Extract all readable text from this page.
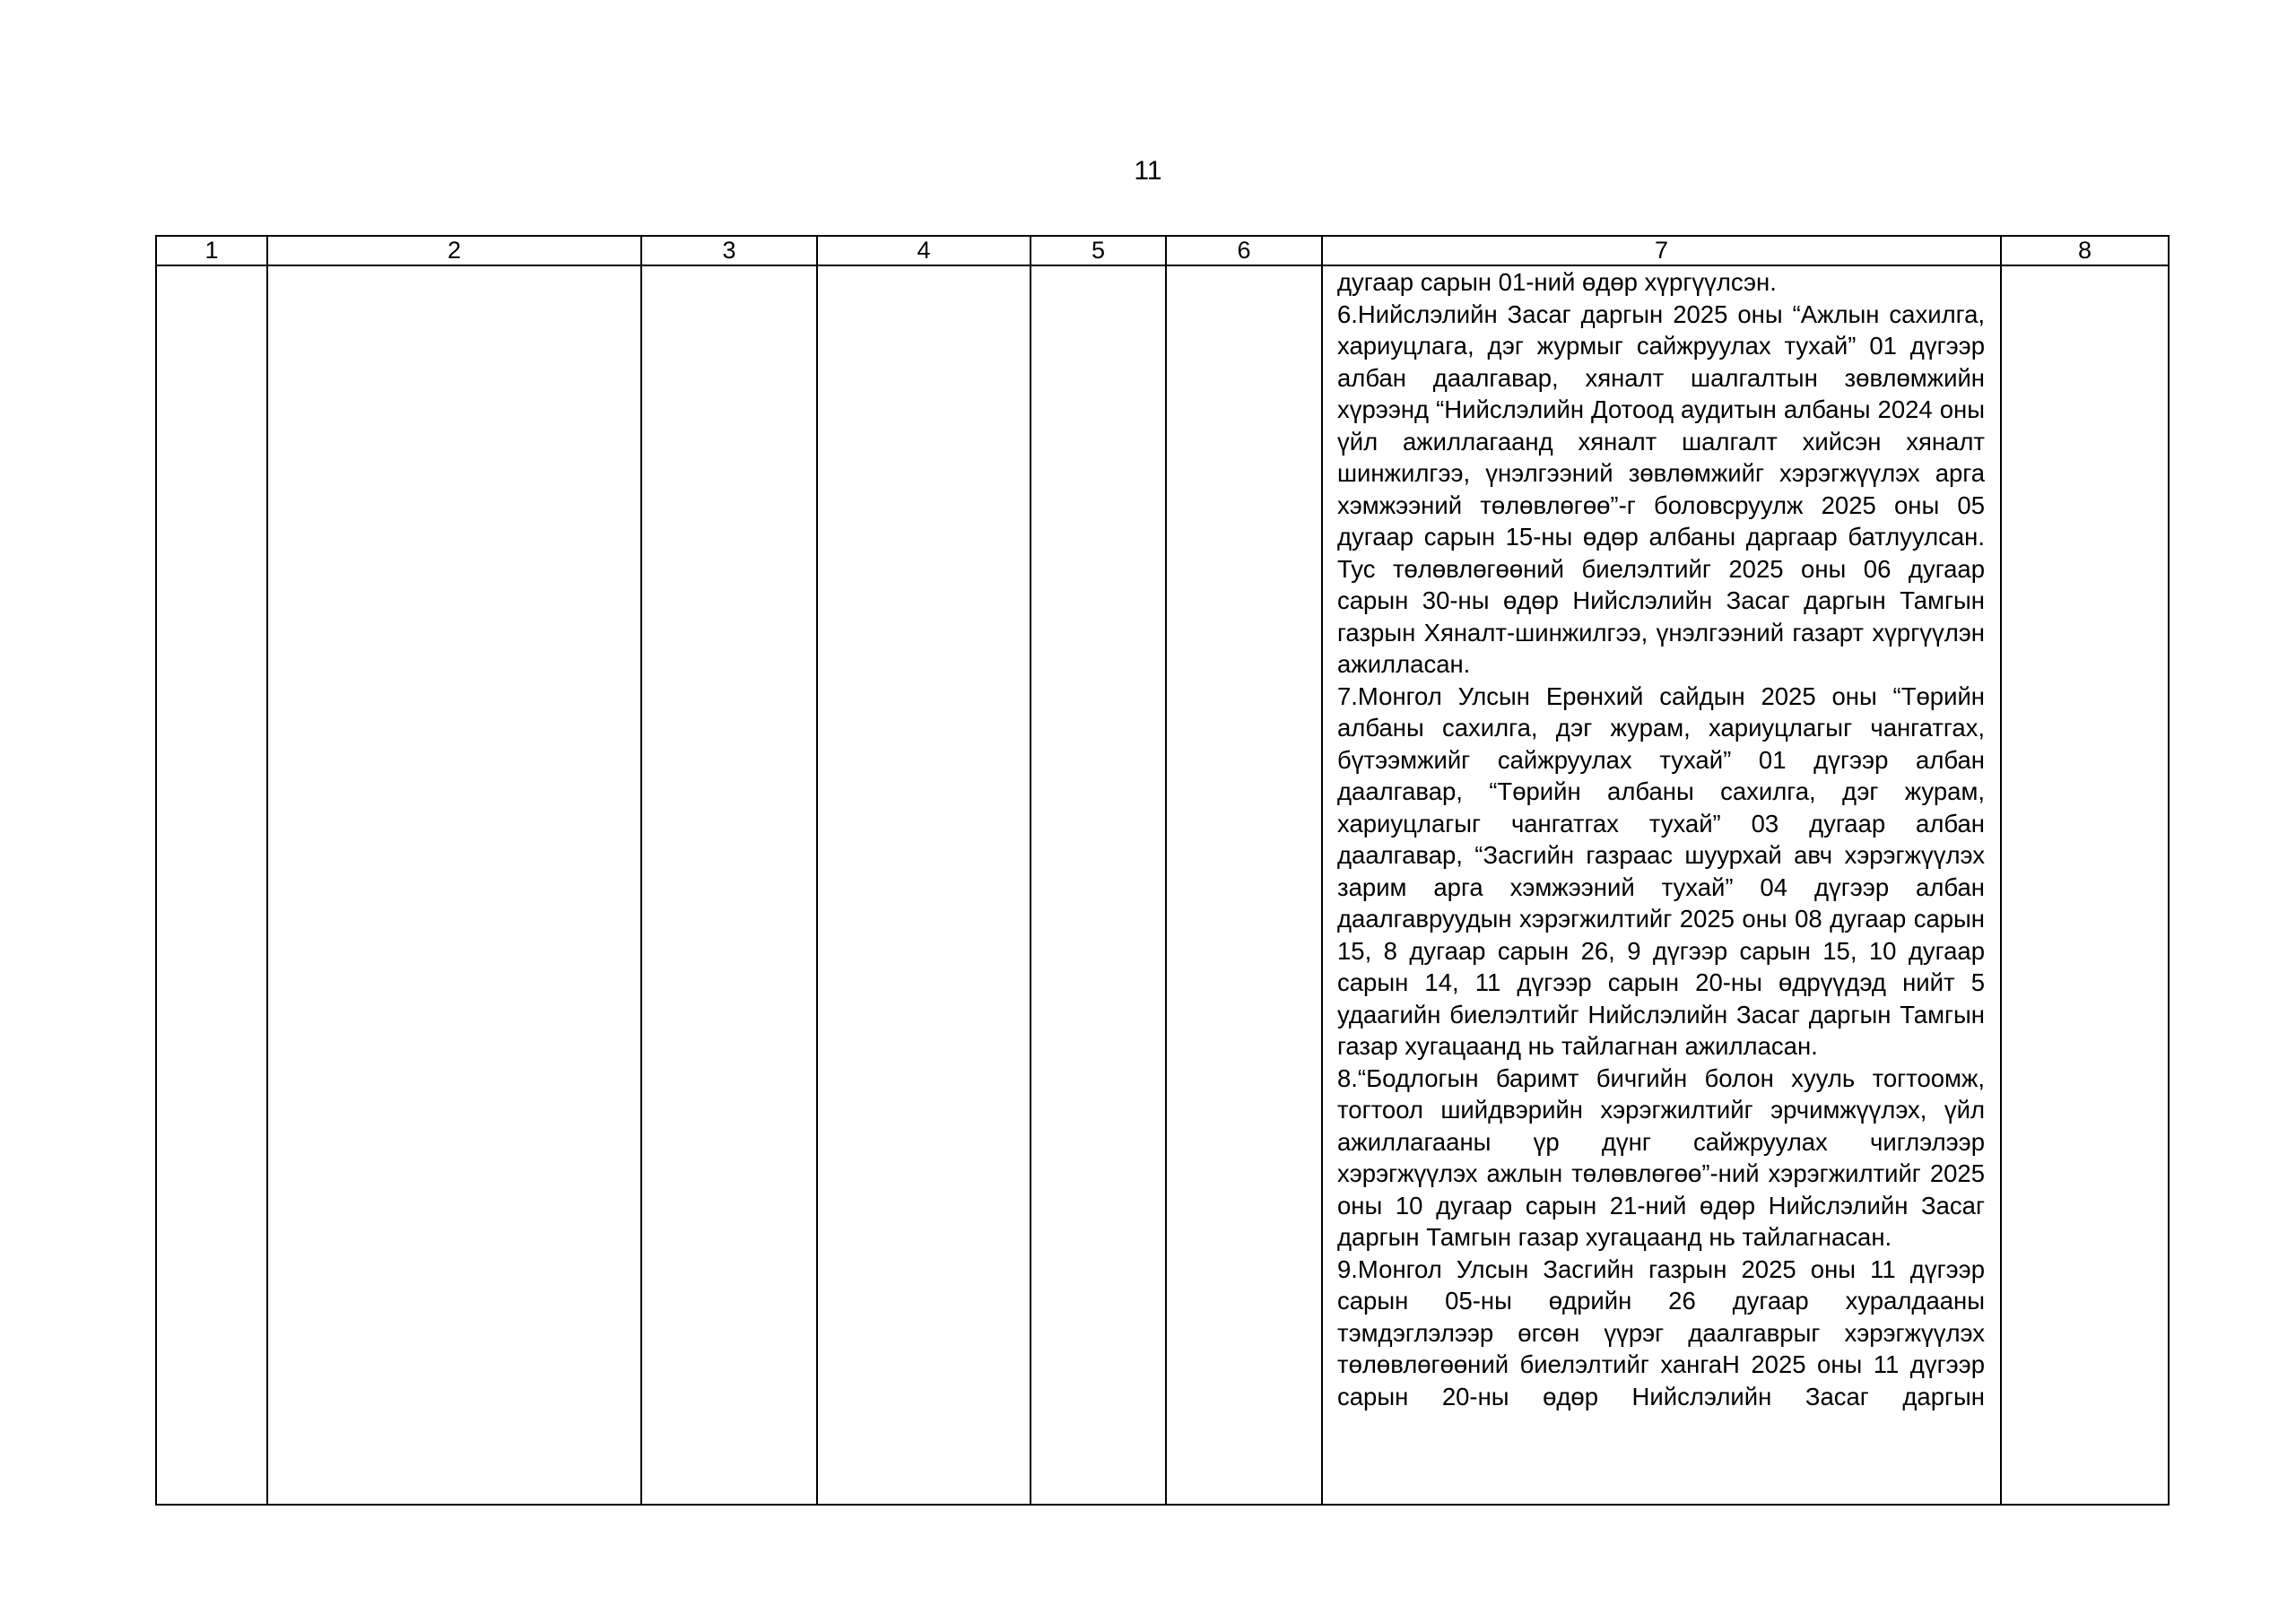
11
1	2	3	4	5	6	7	8

						дугаар сарын 01-ний өдөр хүргүүлсэн.

6.Нийслэлийн Засаг даргын 2025 оны “Ажлын сахилга, хариуцлага, дэг журмыг сайжруулах тухай” 01 дүгээр албан даалгавар, хяналт шалгалтын зөвлөмжийн хүрээнд “Нийслэлийн Дотоод аудитын албаны 2024 оны үйл ажиллагаанд хяналт шалгалт хийсэн хяналт шинжилгээ, үнэлгээний зөвлөмжийг хэрэгжүүлэх арга хэмжээний төлөвлөгөө”-г боловсруулж 2025 оны 05 дугаар сарын 15-ны өдөр албаны даргаар батлуулсан. Тус төлөвлөгөөний биелэлтийг 2025 оны 06 дугаар сарын 30-ны өдөр Нийслэлийн Засаг даргын Тамгын газрын Хяналт-шинжилгээ, үнэлгээний газарт хүргүүлэн ажилласан.

7.Монгол Улсын Ерөнхий сайдын 2025 оны “Төрийн албаны сахилга, дэг журам, хариуцлагыг чангатгах, бүтээмжийг сайжруулах тухай” 01 дүгээр албан даалгавар, “Төрийн албаны сахилга, дэг журам, хариуцлагыг чангатгах тухай” 03 дугаар албан даалгавар, “Засгийн газраас шуурхай авч хэрэгжүүлэх зарим арга хэмжээний тухай” 04 дүгээр албан даалгавруудын хэрэгжилтийг 2025 оны 08 дугаар сарын 15, 8 дугаар сарын 26, 9 дүгээр сарын 15, 10 дугаар сарын 14, 11 дүгээр сарын 20-ны өдрүүдэд нийт 5 удаагийн биелэлтийг Нийслэлийн Засаг даргын Тамгын газар хугацаанд нь тайлагнан ажилласан.

8.“Бодлогын баримт бичгийн болон хууль тогтоомж, тогтоол шийдвэрийн хэрэгжилтийг эрчимжүүлэх, үйл ажиллагааны үр дүнг сайжруулах чиглэлээр хэрэгжүүлэх ажлын төлөвлөгөө”-ний хэрэгжилтийг 2025 оны 10 дугаар сарын 21-ний өдөр Нийслэлийн Засаг даргын Тамгын газар хугацаанд нь тайлагнасан.

9.Монгол Улсын Засгийн газрын 2025 оны 11 дүгээр сарын 05-ны өдрийн 26 дугаар хуралдааны тэмдэглэлээр өгсөн үүрэг даалгаврыг хэрэгжүүлэх төлөвлөгөөний биелэлтийг хангаН 2025 оны 11 дүгээр сарын 20-ны өдөр Нийслэлийн Засаг даргын	
